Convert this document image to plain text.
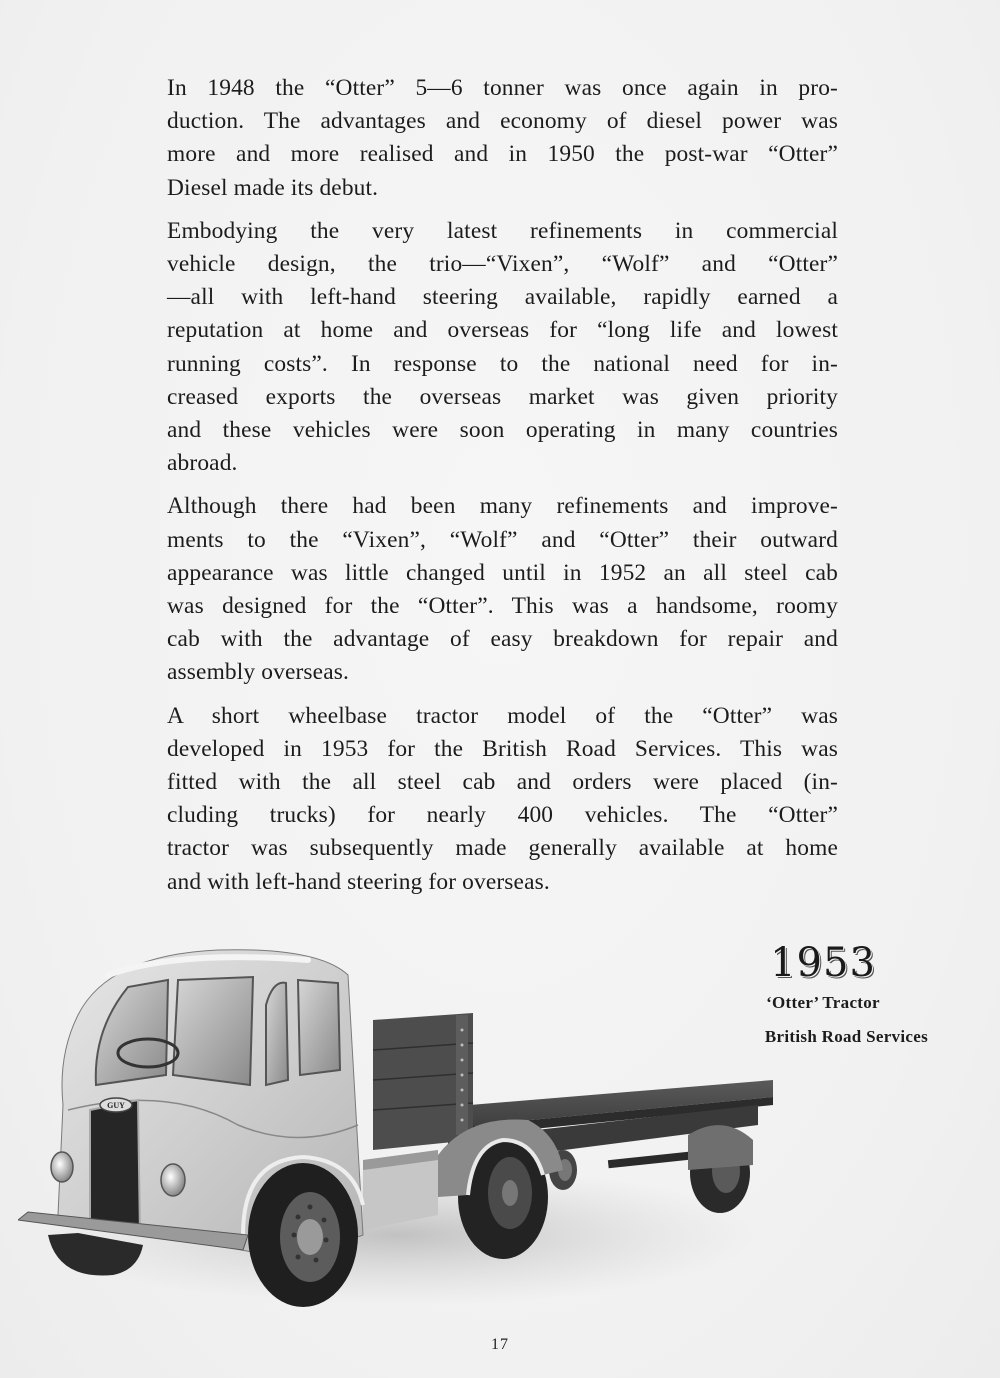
In 1948 the “Otter” 5—6 tonner was once again in pro-
duction. The advantages and economy of diesel power was
more and more realised and in 1950 the post-war “Otter”
Diesel made its debut.

Embodying the very latest refinements in commercial
vehicle design, the trio—“Vixen”, “Wolf” and “Otter”
—all with left-hand steering available, rapidly earned a
reputation at home and overseas for “long life and lowest
running costs”. In response to the national need for in-
creased exports the overseas market was given priority
and these vehicles were soon operating in many countries
abroad.

Although there had been many refinements and improve-
ments to the “Vixen”, “Wolf” and “Otter” their outward
appearance was little changed until in 1952 an all steel cab
was designed for the “Otter”. This was a handsome, roomy
cab with the advantage of easy breakdown for repair and
assembly overseas.

A short wheelbase tractor model of the “Otter” was
developed in 1953 for the British Road Services. This was
fitted with the all steel cab and orders were placed (in-
cluding trucks) for nearly 400 vehicles. The “Otter”
tractor was subsequently made generally available at home
and with left-hand steering for overseas.

1953
‘Otter’ Tractor
British Road Services
GUY
17
